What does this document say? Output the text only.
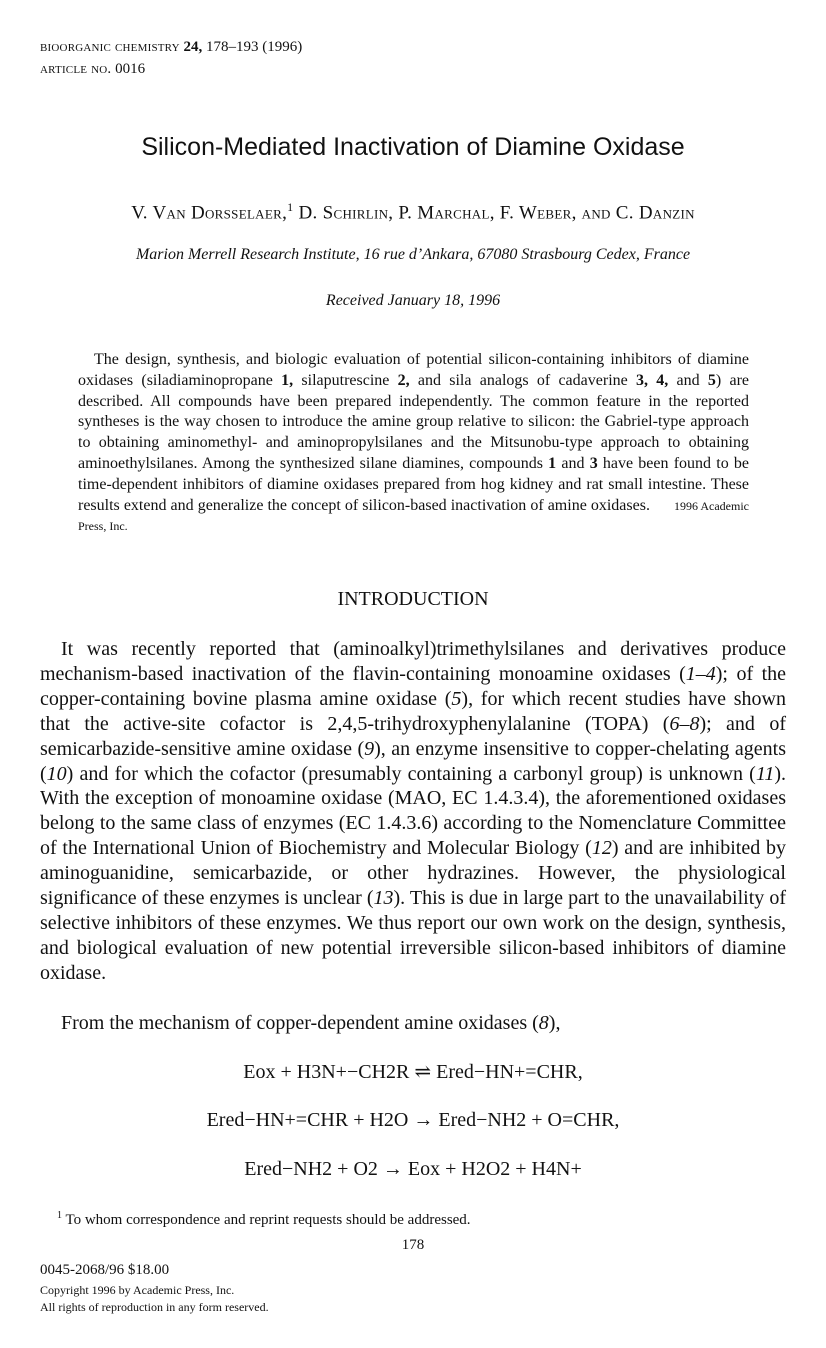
bioorganic chemistry 24, 178–193 (1996)
article no. 0016
Silicon-Mediated Inactivation of Diamine Oxidase
V. Van Dorsselaer,$^1$ D. Schirlin, P. Marchal, F. Weber, and C. Danzin
Marion Merrell Research Institute, 16 rue d’Ankara, 67080 Strasbourg Cedex, France
Received January 18, 1996

The design, synthesis, and biologic evaluation of potential silicon-containing inhibitors of diamine oxidases (siladiaminopropane 1, silaputrescine 2, and sila analogs of cadaverine 3, 4, and 5) are described. All compounds have been prepared independently. The common feature in the reported syntheses is the way chosen to introduce the amine group relative to silicon: the Gabriel-type approach to obtaining aminomethyl- and aminopropylsilanes and the Mitsunobu-type approach to obtaining aminoethylsilanes. Among the synthesized silane diamines, compounds 1 and 3 have been found to be time-dependent inhibitors of diamine oxidases prepared from hog kidney and rat small intestine. These results extend and generalize the concept of silicon-based inactivation of amine oxidases. 1996 Academic Press, Inc.

INTRODUCTION

It was recently reported that (aminoalkyl)trimethylsilanes and derivatives produce mechanism-based inactivation of the flavin-containing monoamine oxidases (1–4); of the copper-containing bovine plasma amine oxidase (5), for which recent studies have shown that the active-site cofactor is 2,4,5-trihydroxyphenylalanine (TOPA) (6–8); and of semicarbazide-sensitive amine oxidase (9), an enzyme insensitive to copper-chelating agents (10) and for which the cofactor (presumably containing a carbonyl group) is unknown (11). With the exception of monoamine oxidase (MAO, EC 1.4.3.4), the aforementioned oxidases belong to the same class of enzymes (EC 1.4.3.6) according to the Nomenclature Committee of the International Union of Biochemistry and Molecular Biology (12) and are inhibited by aminoguanidine, semicarbazide, or other hydrazines. However, the physiological significance of these enzymes is unclear (13). This is due in large part to the unavailability of selective inhibitors of these enzymes. We thus report our own work on the design, synthesis, and biological evaluation of new potential irreversible silicon-based inhibitors of diamine oxidase.

From the mechanism of copper-dependent amine oxidases (8),

Eox + H3N+−CH2R ⇌ Ered−HN+=CHR,
Ered−HN+=CHR + H2O → Ered−NH2 + O=CHR,
Ered−NH2 + O2 → Eox + H2O2 + H4N+
$^1$ To whom correspondence and reprint requests should be addressed.
178
0045-2068/96 $18.00
Copyright 1996 by Academic Press, Inc.
All rights of reproduction in any form reserved.
